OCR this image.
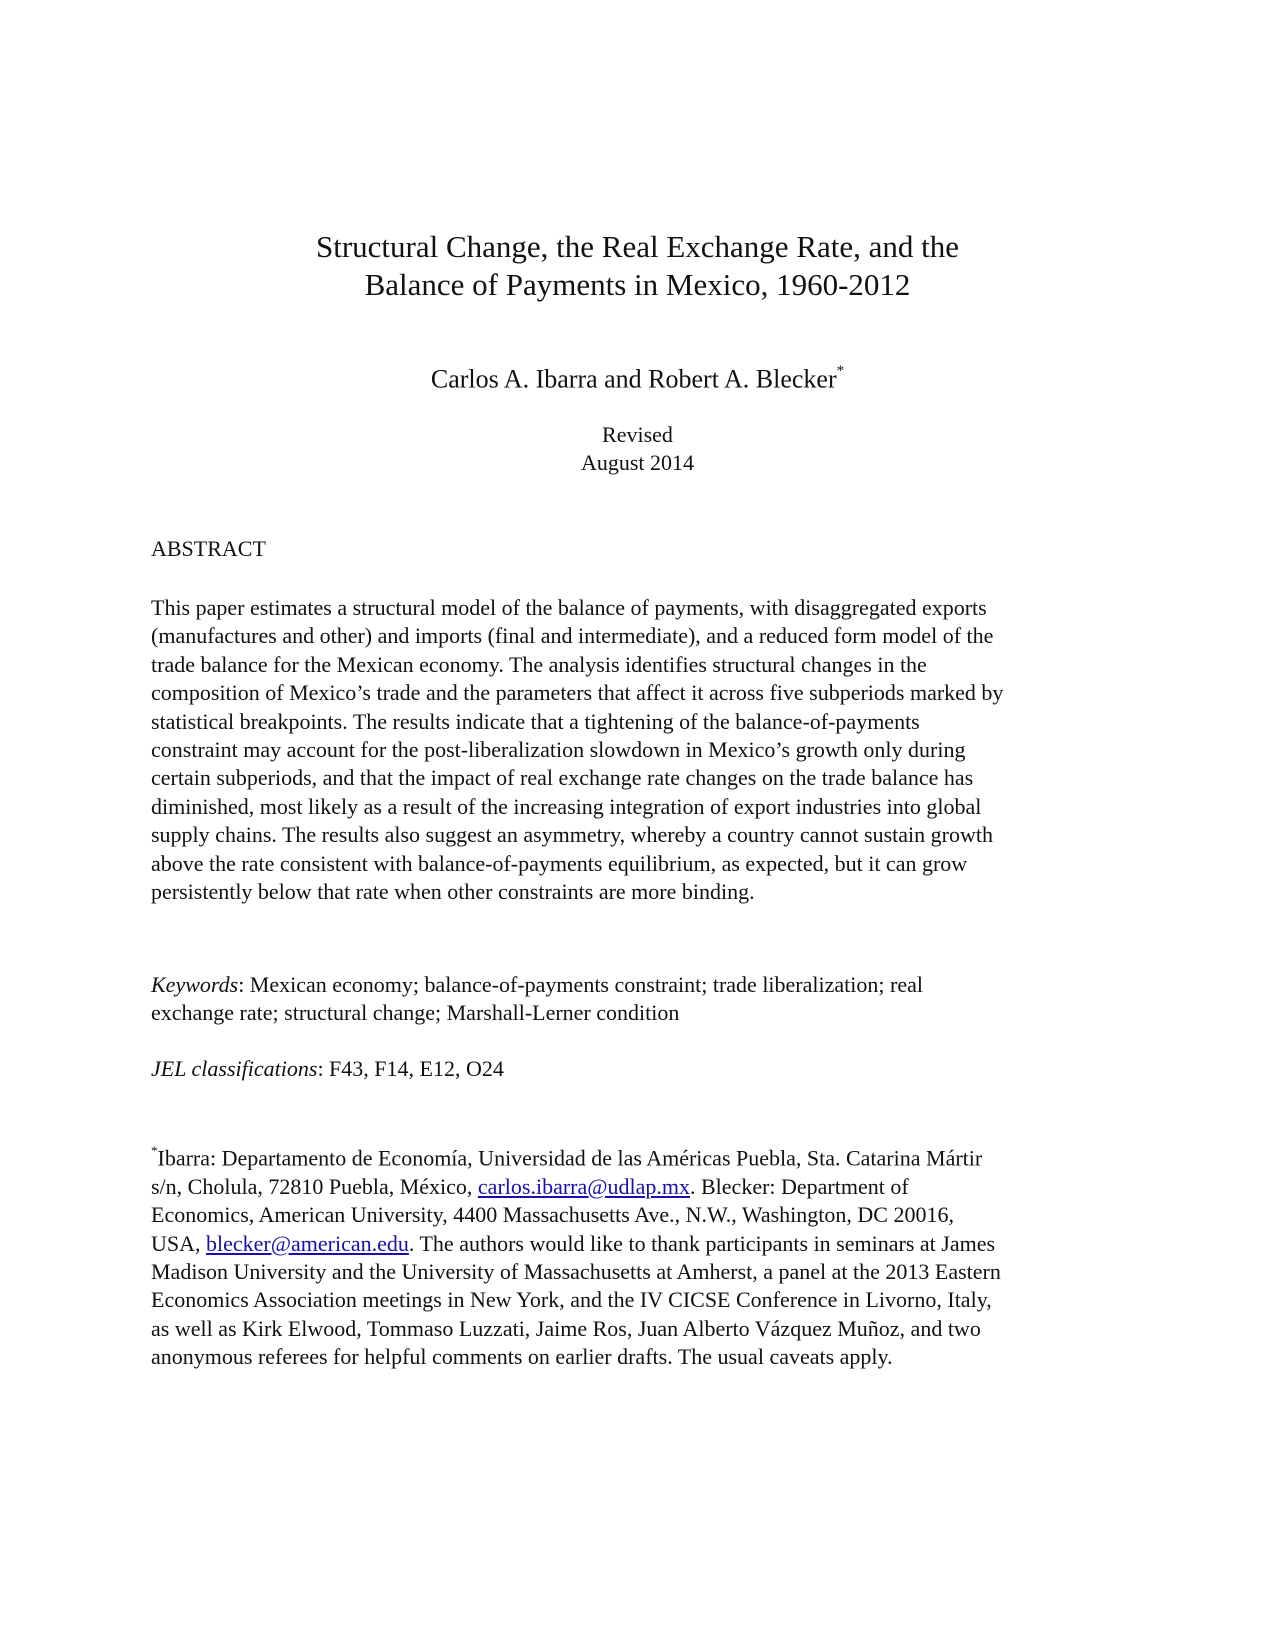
Structural Change, the Real Exchange Rate, and the
Balance of Payments in Mexico, 1960-2012
Carlos A. Ibarra and Robert A. Blecker*
Revised
August 2014
ABSTRACT
This paper estimates a structural model of the balance of payments, with disaggregated exports
(manufactures and other) and imports (final and intermediate), and a reduced form model of the
trade balance for the Mexican economy. The analysis identifies structural changes in the
composition of Mexico’s trade and the parameters that affect it across five subperiods marked by
statistical breakpoints. The results indicate that a tightening of the balance-of-payments
constraint may account for the post-liberalization slowdown in Mexico’s growth only during
certain subperiods, and that the impact of real exchange rate changes on the trade balance has
diminished, most likely as a result of the increasing integration of export industries into global
supply chains. The results also suggest an asymmetry, whereby a country cannot sustain growth
above the rate consistent with balance-of-payments equilibrium, as expected, but it can grow
persistently below that rate when other constraints are more binding.
Keywords: Mexican economy; balance-of-payments constraint; trade liberalization; real
exchange rate; structural change; Marshall-Lerner condition
JEL classifications: F43, F14, E12, O24
*Ibarra: Departamento de Economía, Universidad de las Américas Puebla, Sta. Catarina Mártir
s/n, Cholula, 72810 Puebla, México, carlos.ibarra@udlap.mx. Blecker: Department of
Economics, American University, 4400 Massachusetts Ave., N.W., Washington, DC 20016,
USA, blecker@american.edu. The authors would like to thank participants in seminars at James
Madison University and the University of Massachusetts at Amherst, a panel at the 2013 Eastern
Economics Association meetings in New York, and the IV CICSE Conference in Livorno, Italy,
as well as Kirk Elwood, Tommaso Luzzati, Jaime Ros, Juan Alberto Vázquez Muñoz, and two
anonymous referees for helpful comments on earlier drafts. The usual caveats apply.
